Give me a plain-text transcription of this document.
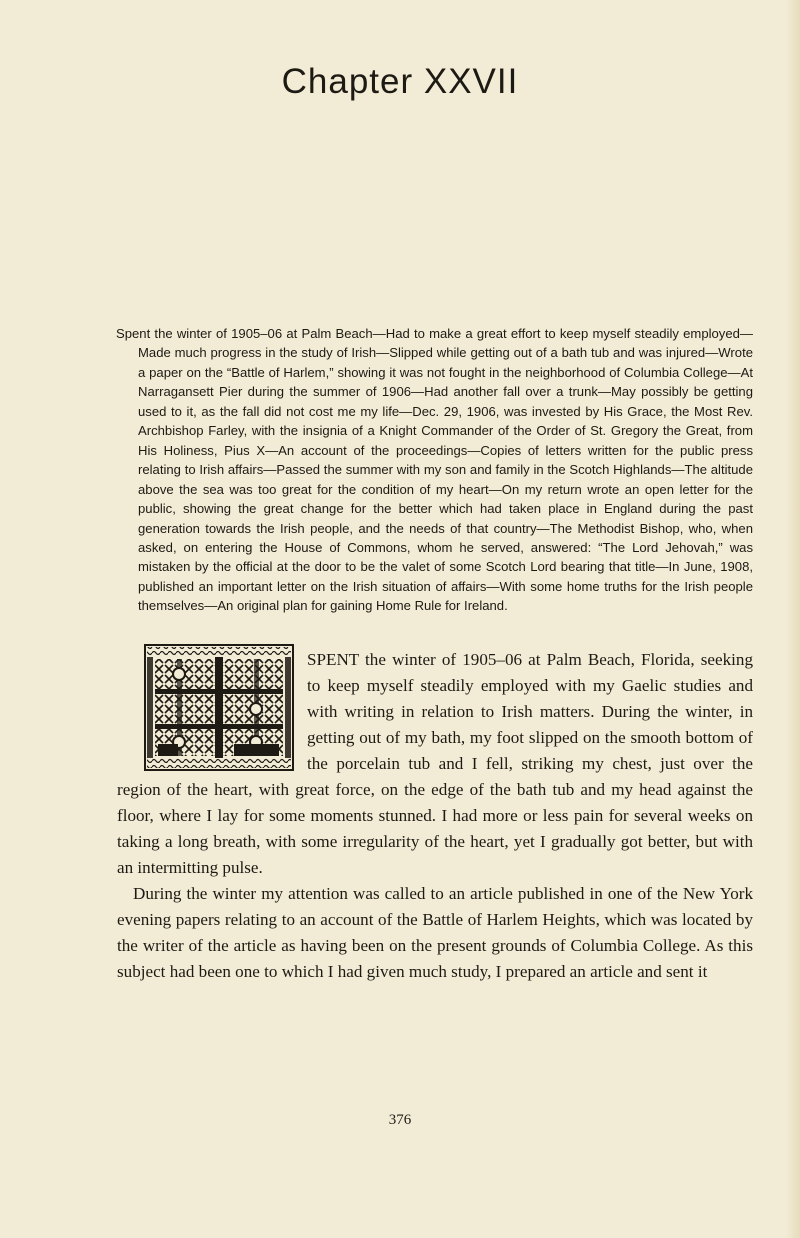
Chapter XXVII

Spent the winter of 1905–06 at Palm Beach—Had to make a great effort to keep myself steadily employed—Made much progress in the study of Irish—Slipped while getting out of a bath tub and was injured—Wrote a paper on the “Battle of Harlem,” showing it was not fought in the neighborhood of Columbia College—At Narragansett Pier during the summer of 1906—Had another fall over a trunk—May possibly be getting used to it, as the fall did not cost me my life—Dec. 29, 1906, was invested by His Grace, the Most Rev. Archbishop Farley, with the insignia of a Knight Commander of the Order of St. Gregory the Great, from His Holiness, Pius X—An account of the proceedings—Copies of letters written for the public press relating to Irish affairs—Passed the summer with my son and family in the Scotch Highlands—The altitude above the sea was too great for the condition of my heart—On my return wrote an open letter for the public, showing the great change for the better which had taken place in England during the past generation towards the Irish people, and the needs of that country—The Methodist Bishop, who, when asked, on entering the House of Commons, whom he served, answered: “The Lord Jehovah,” was mistaken by the official at the door to be the valet of some Scotch Lord bearing that title—In June, 1908, published an important letter on the Irish situation of affairs—With some home truths for the Irish people themselves—An original plan for gaining Home Rule for Ireland.

SPENT the winter of 1905–06 at Palm Beach, Florida, seeking to keep myself steadily employed with my Gaelic studies and with writing in relation to Irish matters. During the winter, in getting out of my bath, my foot slipped on the smooth bottom of the porcelain tub and I fell, striking my chest, just over the region of the heart, with great force, on the edge of the bath tub and my head against the floor, where I lay for some moments stunned. I had more or less pain for several weeks on taking a long breath, with some irregularity of the heart, yet I gradually got better, but with an intermitting pulse.

During the winter my attention was called to an article published in one of the New York evening papers relating to an account of the Battle of Harlem Heights, which was located by the writer of the article as having been on the present grounds of Columbia College. As this subject had been one to which I had given much study, I prepared an article and sent it

376
